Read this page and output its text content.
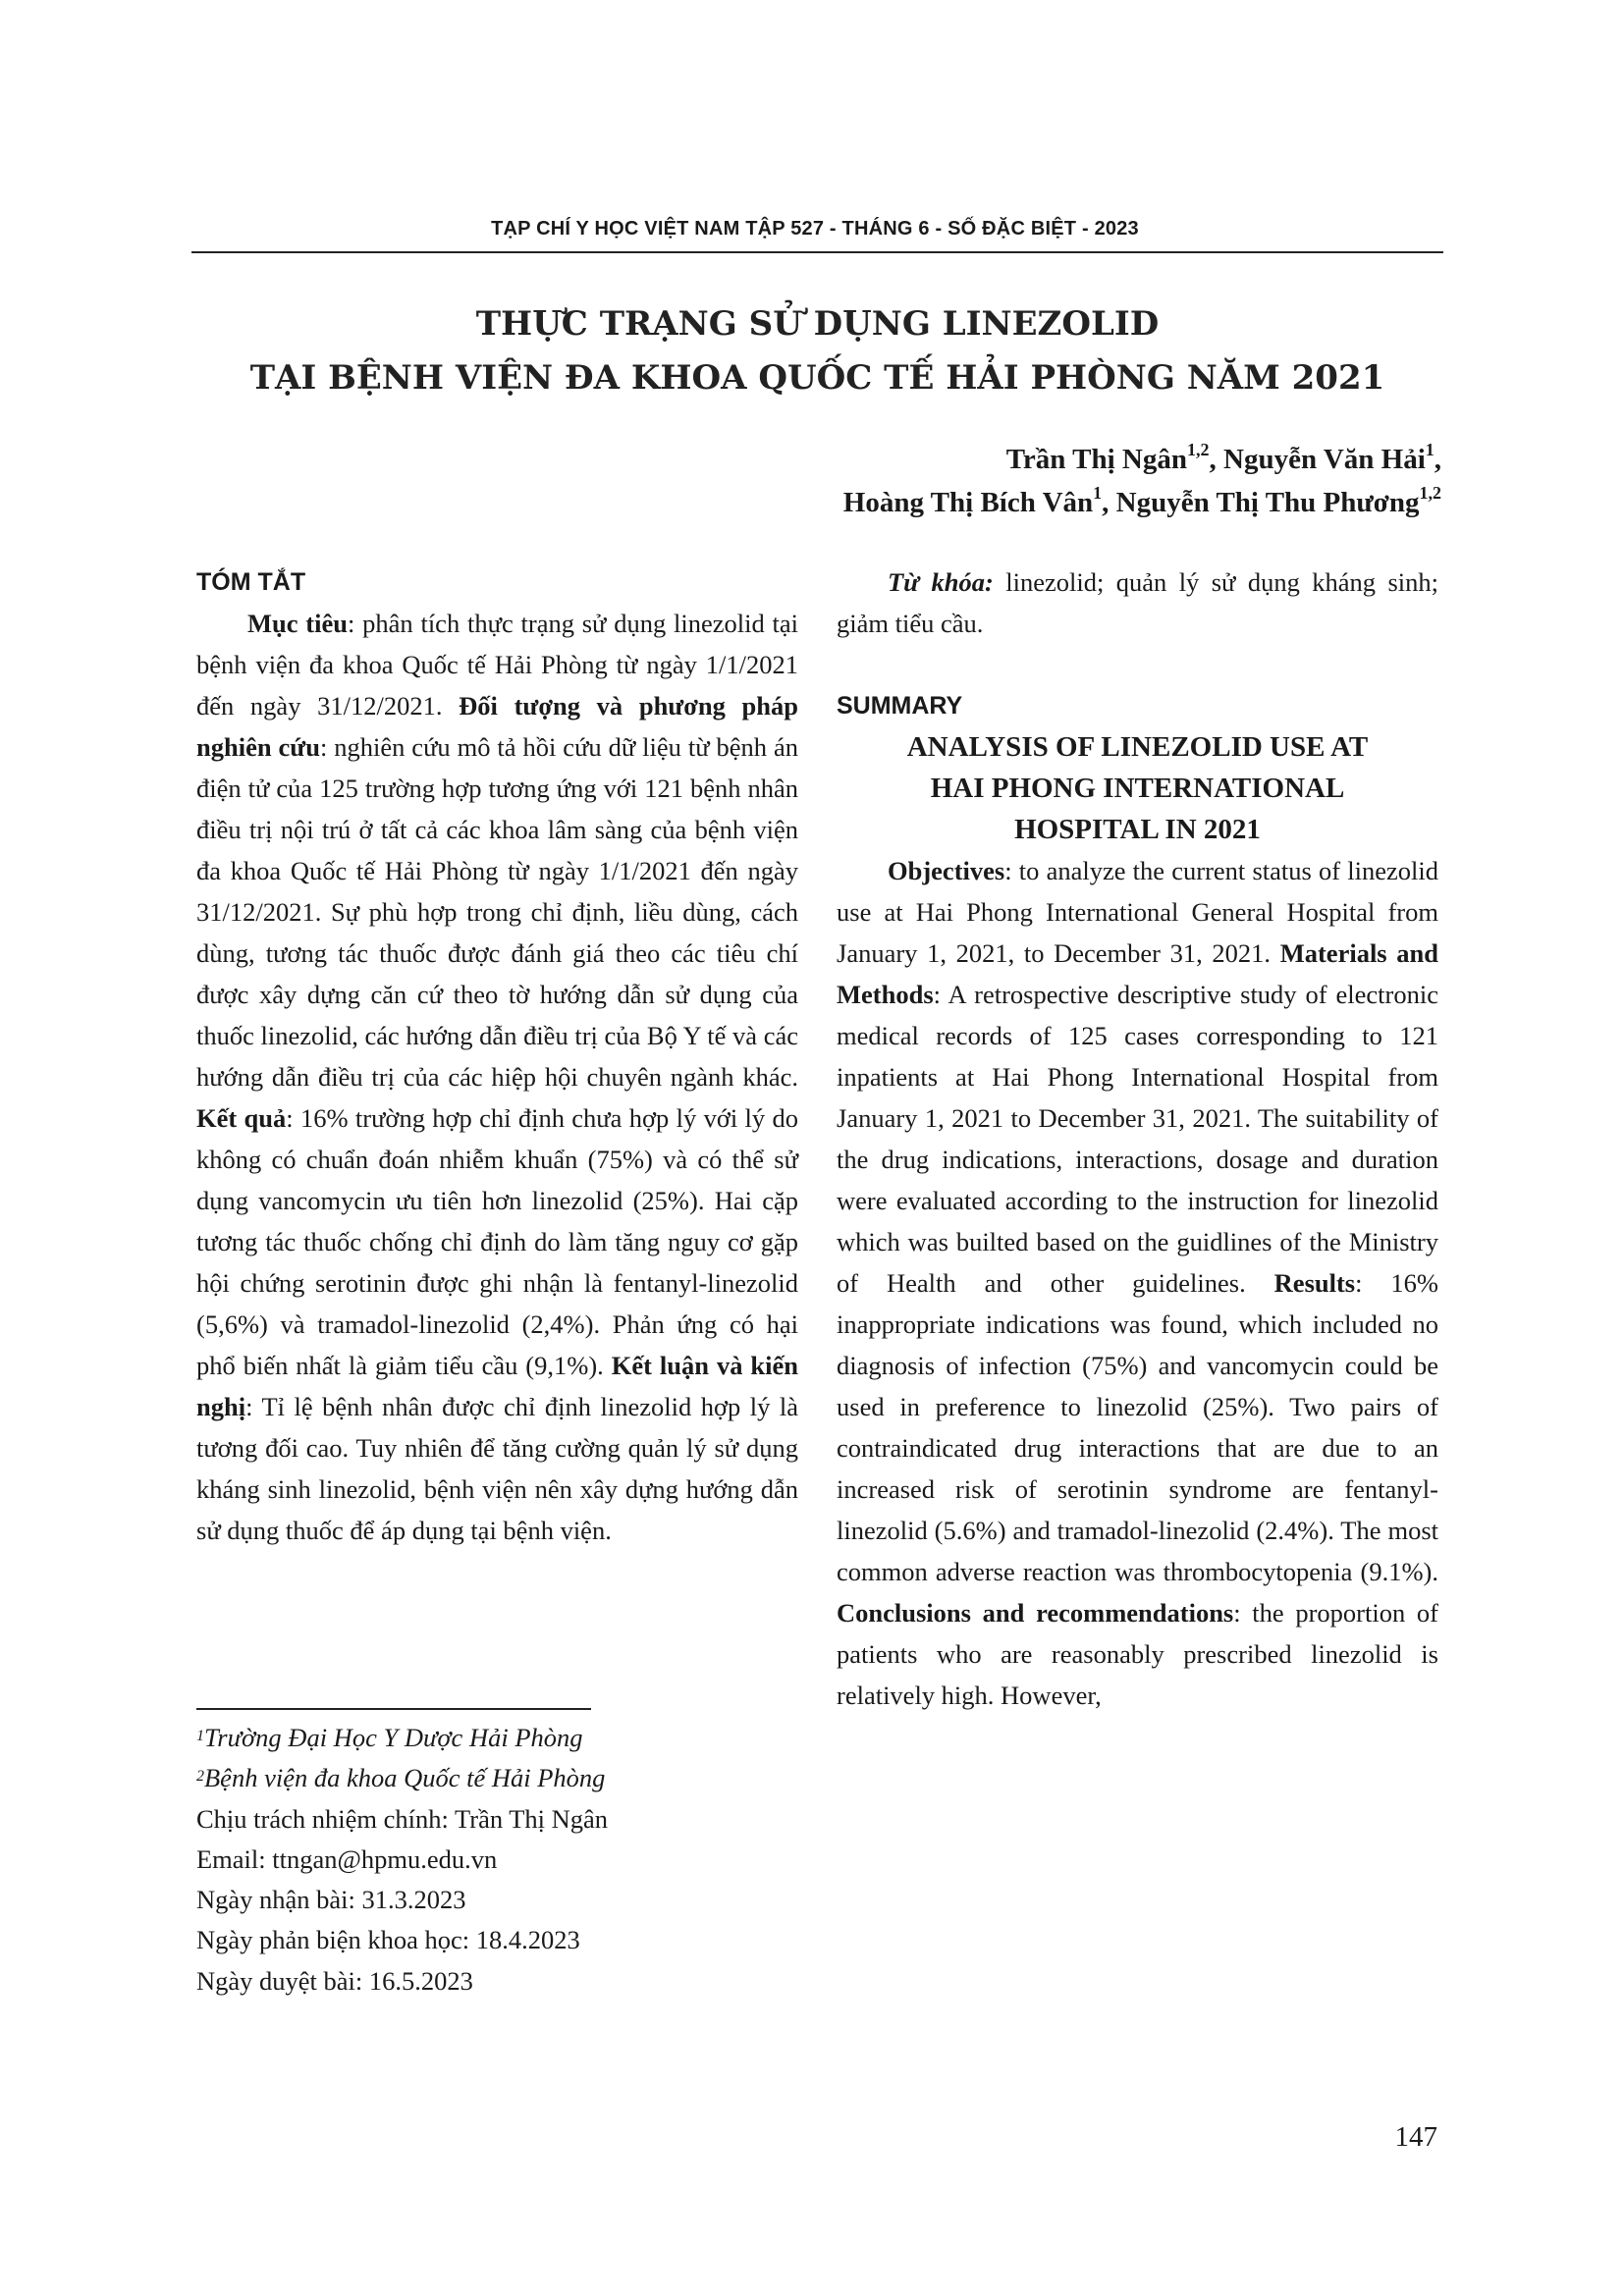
TẠP CHÍ Y HỌC VIỆT NAM TẬP 527 - THÁNG 6 - SỐ ĐẶC BIỆT - 2023
THỰC TRẠNG SỬ DỤNG LINEZOLID
TẠI BỆNH VIỆN ĐA KHOA QUỐC TẾ HẢI PHÒNG NĂM 2021
Trần Thị Ngân$^{1,2}$, Nguyễn Văn Hải$^1$,
Hoàng Thị Bích Vân$^1$, Nguyễn Thị Thu Phương$^{1,2}$

TÓM TẮT

Mục tiêu: phân tích thực trạng sử dụng linezolid tại bệnh viện đa khoa Quốc tế Hải Phòng từ ngày 1/1/2021 đến ngày 31/12/2021. Đối tượng và phương pháp nghiên cứu: nghiên cứu mô tả hồi cứu dữ liệu từ bệnh án điện tử của 125 trường hợp tương ứng với 121 bệnh nhân điều trị nội trú ở tất cả các khoa lâm sàng của bệnh viện đa khoa Quốc tế Hải Phòng từ ngày 1/1/2021 đến ngày 31/12/2021. Sự phù hợp trong chỉ định, liều dùng, cách dùng, tương tác thuốc được đánh giá theo các tiêu chí được xây dựng căn cứ theo tờ hướng dẫn sử dụng của thuốc linezolid, các hướng dẫn điều trị của Bộ Y tế và các hướng dẫn điều trị của các hiệp hội chuyên ngành khác. Kết quả: 16% trường hợp chỉ định chưa hợp lý với lý do không có chuẩn đoán nhiễm khuẩn (75%) và có thể sử dụng vancomycin ưu tiên hơn linezolid (25%). Hai cặp tương tác thuốc chống chỉ định do làm tăng nguy cơ gặp hội chứng serotinin được ghi nhận là fentanyl-linezolid (5,6%) và tramadol-linezolid (2,4%). Phản ứng có hại phổ biến nhất là giảm tiểu cầu (9,1%). Kết luận và kiến nghị: Tỉ lệ bệnh nhân được chỉ định linezolid hợp lý là tương đối cao. Tuy nhiên để tăng cường quản lý sử dụng kháng sinh linezolid, bệnh viện nên xây dựng hướng dẫn sử dụng thuốc để áp dụng tại bệnh viện.

$^1$Trường Đại Học Y Dược Hải Phòng
$^2$Bệnh viện đa khoa Quốc tế Hải Phòng
Chịu trách nhiệm chính: Trần Thị Ngân
Email: ttngan@hpmu.edu.vn
Ngày nhận bài: 31.3.2023
Ngày phản biện khoa học: 18.4.2023
Ngày duyệt bài: 16.5.2023

Từ khóa: linezolid; quản lý sử dụng kháng sinh; giảm tiểu cầu.

SUMMARY

ANALYSIS OF LINEZOLID USE AT
HAI PHONG INTERNATIONAL
HOSPITAL IN 2021

Objectives: to analyze the current status of linezolid use at Hai Phong International General Hospital from January 1, 2021, to December 31, 2021. Materials and Methods: A retrospective descriptive study of electronic medical records of 125 cases corresponding to 121 inpatients at Hai Phong International Hospital from January 1, 2021 to December 31, 2021. The suitability of the drug indications, interactions, dosage and duration were evaluated according to the instruction for linezolid which was builted based on the guidlines of the Ministry of Health and other guidelines. Results: 16% inappropriate indications was found, which included no diagnosis of infection (75%) and vancomycin could be used in preference to linezolid (25%). Two pairs of contraindicated drug interactions that are due to an increased risk of serotinin syndrome are fentanyl-linezolid (5.6%) and tramadol-linezolid (2.4%). The most common adverse reaction was thrombocytopenia (9.1%). Conclusions and recommendations: the proportion of patients who are reasonably prescribed linezolid is relatively high. However,

147
